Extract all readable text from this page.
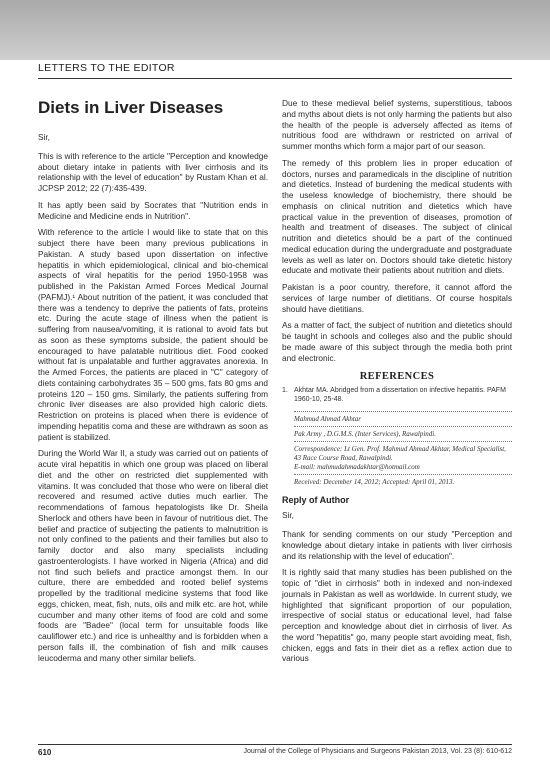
LETTERS TO THE EDITOR
Diets in Liver Diseases

Sir,

This is with reference to the article "Perception and knowledge about dietary intake in patients with liver cirrhosis and its relationship with the level of education" by Rustam Khan et al. JCPSP 2012; 22 (7):435-439.

It has aptly been said by Socrates that "Nutrition ends in Medicine and Medicine ends in Nutrition".

With reference to the article I would like to state that on this subject there have been many previous publications in Pakistan. A study based upon dissertation on infective hepatitis in which epidemiological, clinical and bio-chemical aspects of viral hepatitis for the period 1950-1958 was published in the Pakistan Armed Forces Medical Journal (PAFMJ).¹ About nutrition of the patient, it was concluded that there was a tendency to deprive the patients of fats, proteins etc. During the acute stage of illness when the patient is suffering from nausea/vomiting, it is rational to avoid fats but as soon as these symptoms subside, the patient should be encouraged to have palatable nutritious diet. Food cooked without fat is unpalatable and further aggravates anorexia. In the Armed Forces, the patients are placed in "C" category of diets containing carbohydrates 35 – 500 gms, fats 80 gms and proteins 120 – 150 gms. Similarly, the patients suffering from chronic liver diseases are also provided high caloric diets. Restriction on proteins is placed when there is evidence of impending hepatitis coma and these are withdrawn as soon as patient is stabilized.

During the World War II, a study was carried out on patients of acute viral hepatitis in which one group was placed on liberal diet and the other on restricted diet supplemented with vitamins. It was concluded that those who were on liberal diet recovered and resumed active duties much earlier. The recommendations of famous hepatologists like Dr. Sheila Sherlock and others have been in favour of nutritious diet. The belief and practice of subjecting the patients to malnutrition is not only confined to the patients and their families but also to family doctor and also many specialists including gastroenterologists. I have worked in Nigeria (Africa) and did not find such beliefs and practice amongst them. In our culture, there are embedded and rooted belief systems propelled by the traditional medicine systems that food like eggs, chicken, meat, fish, nuts, oils and milk etc. are hot, while cucumber and many other items of food are cold and some foods are "Badee" (local term for unsuitable foods like cauliflower etc.) and rice is unhealthy and is forbidden when a person falls ill, the combination of fish and milk causes leucoderma and many other similar beliefs.

Due to these medieval belief systems, superstitious, taboos and myths about diets is not only harming the patients but also the health of the people is adversely affected as items of nutritious food are withdrawn or restricted on arrival of summer months which form a major part of our season.

The remedy of this problem lies in proper education of doctors, nurses and paramedicals in the discipline of nutrition and dietetics. Instead of burdening the medical students with the useless knowledge of biochemistry, there should be emphasis on clinical nutrition and dietetics which have practical value in the prevention of diseases, promotion of health and treatment of diseases. The subject of clinical nutrition and dietetics should be a part of the continued medical education during the undergraduate and postgraduate levels as well as later on. Doctors should take dietetic history educate and motivate their patients about nutrition and diets.

Pakistan is a poor country, therefore, it cannot afford the services of large number of dietitians. Of course hospitals should have dietitians.

As a matter of fact, the subject of nutrition and dietetics should be taught in schools and colleges also and the public should be made aware of this subject through the media both print and electronic.

REFERENCES
1. Akhtar MA. Abridged from a dissertation on infective hepatitis. PAFM 1960-10, 25-48.
Mahmud Ahmad Akhtar
Pak Army , D.G.M.S. (Inter Services), Rawalpindi.
Correspondence: Lt Gen. Prof. Mahmud Ahmad Akhtar, Medical Specialist, 43 Race Course Road, Rawalpindi.
E-mail: mahmudahmadakhtar@hotmail.com
Received: December 14, 2012; Accepted: April 01, 2013.
Reply of Author

Sir,

Thank for sending comments on our study "Perception and knowledge about dietary intake in patients with liver cirrhosis and its relationship with the level of education".

It is rightly said that many studies has been published on the topic of "diet in cirrhosis" both in indexed and non-indexed journals in Pakistan as well as worldwide. In current study, we highlighted that significant proportion of our population, irrespective of social status or educational level, had false perception and knowledge about diet in cirrhosis of liver. As the word "hepatitis" go, many people start avoiding meat, fish, chicken, eggs and fats in their diet as a reflex action due to various

610	Journal of the College of Physicians and Surgeons Pakistan 2013, Vol. 23 (8): 610-612
